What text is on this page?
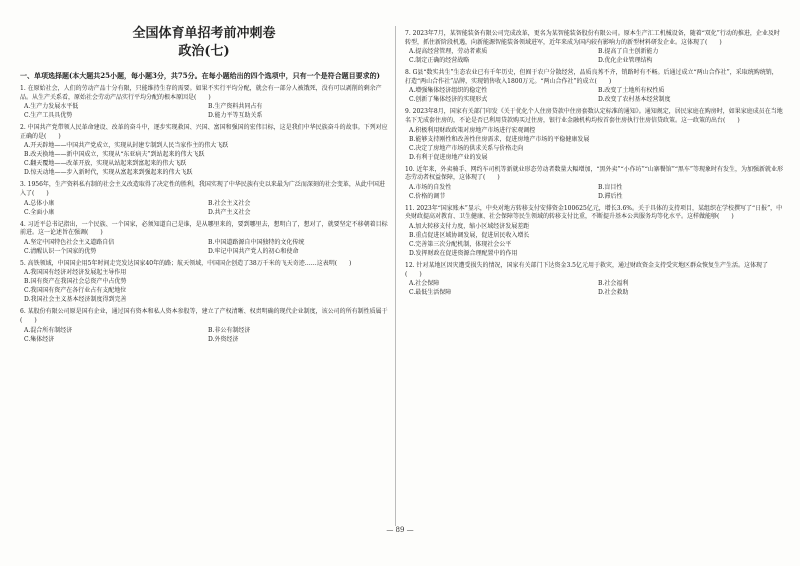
全国体育单招考前冲刺卷
政治(七)
一、单项选择题(本大题共25小题，每小题3分，共75分。在每小题给出的四个选项中，只有一个是符合题目要求的)
1. 在原始社会，人们的劳动产品十分有限，只能维持生存的需要。如果不实行平均分配，就会有一部分人被饿死，没有可以剥削的剩余产品。从生产关系看，原始社会劳动产品实行平均分配的根本原因是(　　)
A.生产力发展水平低	B.生产资料共同占有
C.生产工具具优势	D.能力平等互助关系
2. 中国共产党带领人民革命建设、改革的奋斗中，逐步实现救国、兴国、富国和强国的宏伟目标，这是我们中华民族奋斗的故事。下列对应正确的是(　　)
A.开天辟地——中国共产党成立，实现从封建专制到人民当家作主的伟大飞跃
B.改天换地——新中国成立，实现从“东亚病夫”到站起来的伟大飞跃
C.翻天覆地——改革开放，实现从站起来到富起来的伟大飞跃
D.惊天动地——步入新时代，实现从富起来到强起来的伟大飞跃
3. 1956年，生产资料私有制的社会主义改造取得了决定性的胜利，我国实现了中华民族有史以来最为广泛而深刻的社会变革，从此中国进入了(　　)
A.总体小康	B.社会主义社会
C.全面小康	D.共产主义社会
4. 习近平总书记指出，一个民族、一个国家，必须知道自己是谁，是从哪里来的，要到哪里去，想明白了，想对了，就要坚定不移朝着目标前进。这一论述旨在强调(　　)
A.坚定中国特色社会主义道路自信	B.中国道路源自中国独特的文化传统
C.清醒认识一个国家的优势	D.牢记中国共产党人的初心和使命
5. 高铁领域，中国国企用5年时间走完发达国家40年的路；航天领域，中国国企创造了38万千米的飞天奇迹……这表明(　　)
A.我国国有经济对经济发展起主导作用
B.国有资产在我国社会总资产中占优势
C.我国国有资产在各行业占有支配地位
D.我国社会主义基本经济制度得到完善
6. 某股份有限公司原是国有企业，通过国有资本和私人资本参股等，建立了产权清晰、权责明确的现代企业制度，该公司的所有制性质属于(　　)
A.混合所有制经济	B.非公有制经济
C.集体经济	D.外资经济
7. 2023年7月，某智能装备有限公司完成改革，更名为某智能装备股份有限公司。原本生产汇工机械设备，随着“双化”行动的推进，企业及时转型，抓住新阶段机遇，向新能源智能装备领域进军，近年来成为国内较有影响力的新型材料研发企业。这体现了(　　)
A.提高经营管理，劳动者素质	B.提高了自主创新能力
C.制定正确的经营战略	D.优化企业管理结构
8. G县“数实共生”生态农业已有千年历史，但囿于农户分散经营，品质良莠不齐，销路时有不畅。后通过成立“两山合作社”，采取统购统销，打造“两山合作社”品牌，实现销售收入1800万元。“两山合作社”的成立(　　)
A.增强集体经济组织的稳定性	B.改变了土地所有权性质
C.创新了集体经济的实现形式	D.改变了农村基本经营制度
9. 2023年8月，国家有关部门印发《关于优化个人住房贷款中住房套数认定标准的通知》。通知规定，居民家庭在购房时，如果家庭成员在当地名下无成套住房的，不论是否已利用贷款购买过住房，银行业金融机构均按首套住房执行住房信贷政策。这一政策的出台(　　)
A.积极利用财政政策对房地产市场进行宏观调控
B.能够支持刚性和改善性住房需求，促进房地产市场的平稳健康发展
C.决定了房地产市场的供求关系与价格走向
D.有利于促进房地产业的发展
10. 近年来，外卖骑手、网约车司机等新就业形态劳动者数量大幅增加，“黑外卖”“小作坊”“山寨餐馆”“黑车”等现象时有发生，为加强新就业形态劳动者权益保障，这体现了(　　)
A.市场的自发性	B.盲目性
C.价格的调节	D.滞后性
11. 2023年“国家账本”显示，中央对地方转移支付安排资金100625亿元，增长3.6%。关于具体的支持项目，某组织在学校撰写了“日报”，中央财政提高对教育、卫生健康、社会保障等民生领域的转移支付比重，不断提升基本公共服务均等化水平。这样做能够(　　)
A.加大转移支付力度，缩小区域经济发展差距
B.重点促进区域协调发展，促进居民收入增长
C.完善第三次分配机制，体现社会公平
D.发挥财政在促进资源合理配置中的作用
12. 针对某地区因灾遭受损失的情况，国家有关部门下达资金3.5亿元用于救灾，通过财政资金支持受灾地区群众恢复生产生活。这体现了(　　)
A.社会保障	B.社会福利
C.最低生活保障	D.社会救助
— 89 —
